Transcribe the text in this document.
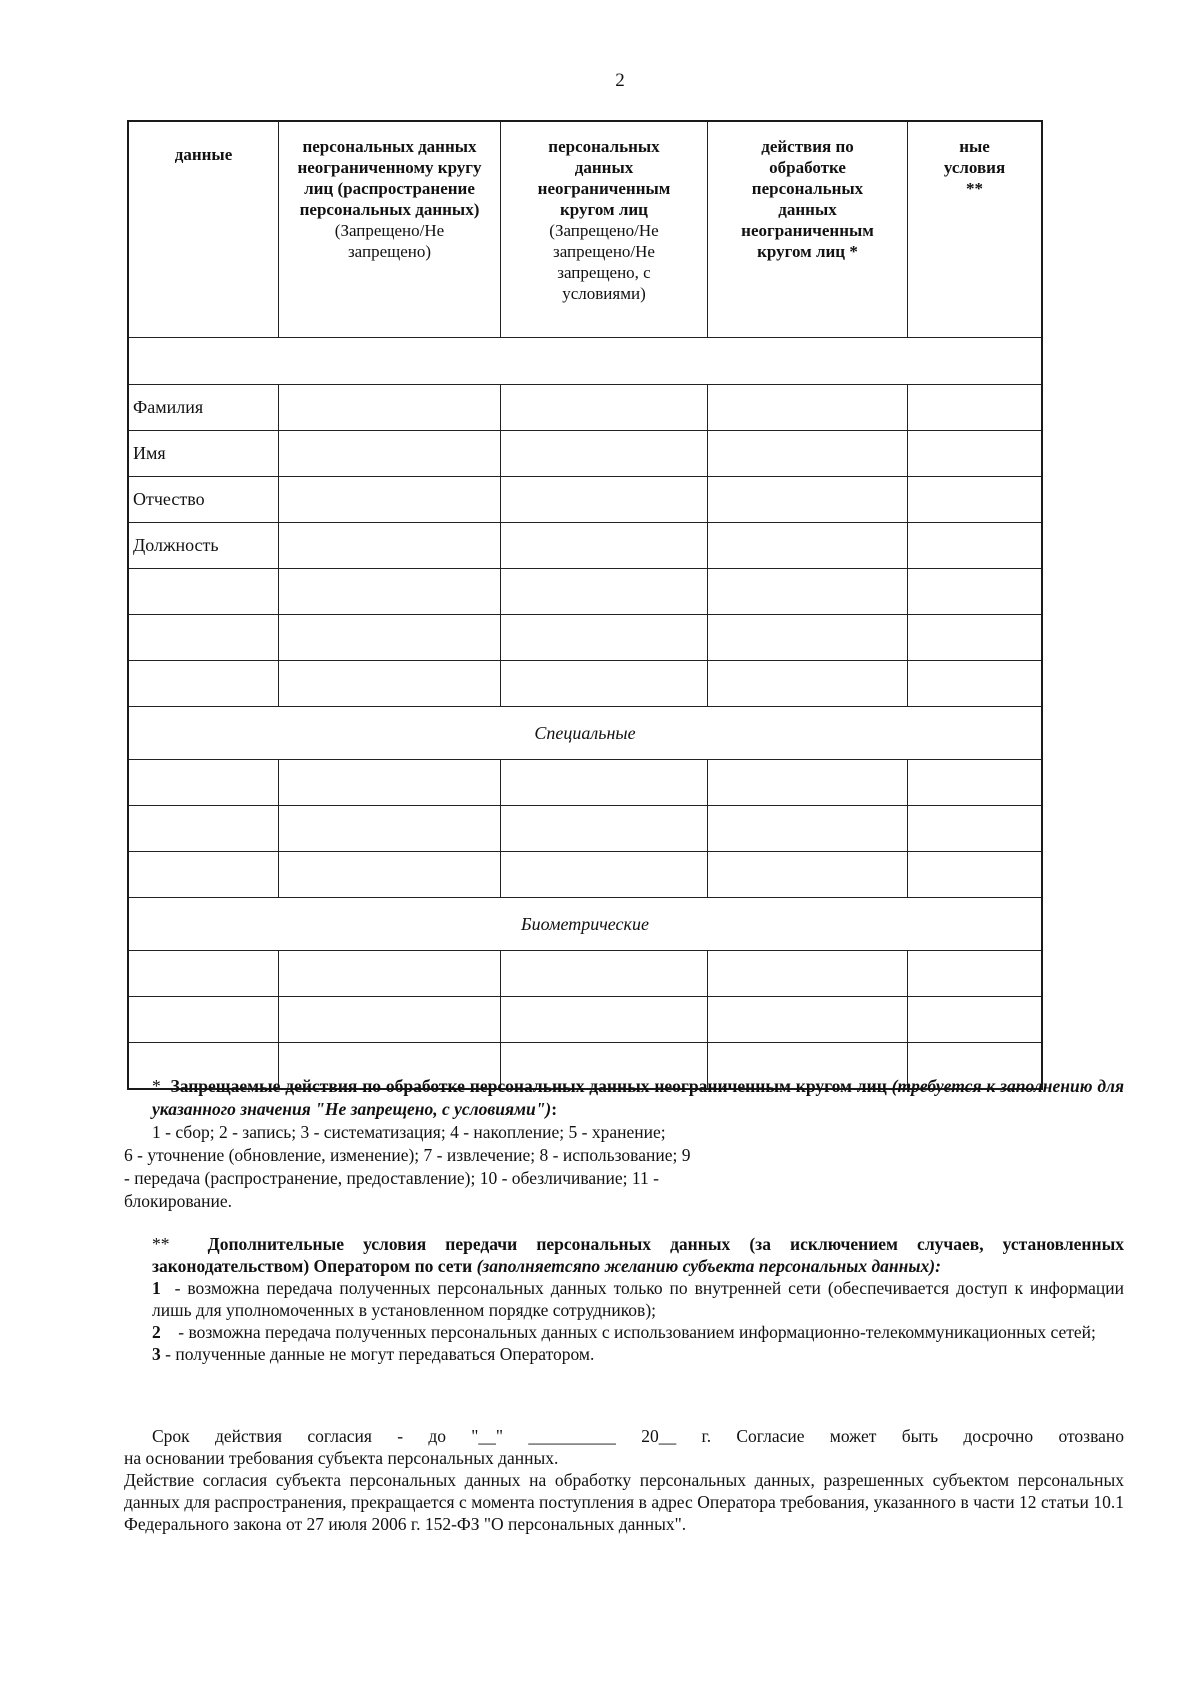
2
данные	персональных данных неограниченному кругу лиц (распространение персональных данных)
(Запрещено/Не запрещено)
персональных данных неограниченным кругом лиц
(Запрещено/Не запрещено/Не запрещено, с условиями)
действия по обработке персональных данных неограниченным кругом лиц *
ные условия **
Фамилия
Имя
Отчество
Должность
Специальные
Биометрические
* Запрещаемые действия по обработке персональных данных неограниченным кругом лиц (требуется к заполнению для указанного значения "Не запрещено, с условиями"):
1 - сбор; 2 - запись; 3 - систематизация; 4 - накопление; 5 - хранение;
6 - уточнение (обновление, изменение); 7 - извлечение; 8 - использование; 9
- передача (распространение, предоставление); 10 - обезличивание; 11 -
блокирование.
** Дополнительные условия передачи персональных данных (за исключением случаев, установленных законодательством) Оператором по сети (заполняетсяпо желанию субъекта персональных данных):
1 - возможна передача полученных персональных данных только по внутренней сети (обеспечивается доступ к информации лишь для уполномоченных в установленном порядке сотрудников);
2 - возможна передача полученных персональных данных с использованием информационно-телекоммуникационных сетей;
3 - полученные данные не могут передаваться Оператором.
Срок действия согласия - до "__" __________ 20__ г. Согласие может быть досрочно отозвано
на основании требования субъекта персональных данных.
Действие согласия субъекта персональных данных на обработку персональных данных, разрешенных субъектом персональных данных для распространения, прекращается с момента поступления в адрес Оператора требования, указанного в части 12 статьи 10.1 Федерального закона от 27 июля 2006 г. 152-ФЗ "О персональных данных".
